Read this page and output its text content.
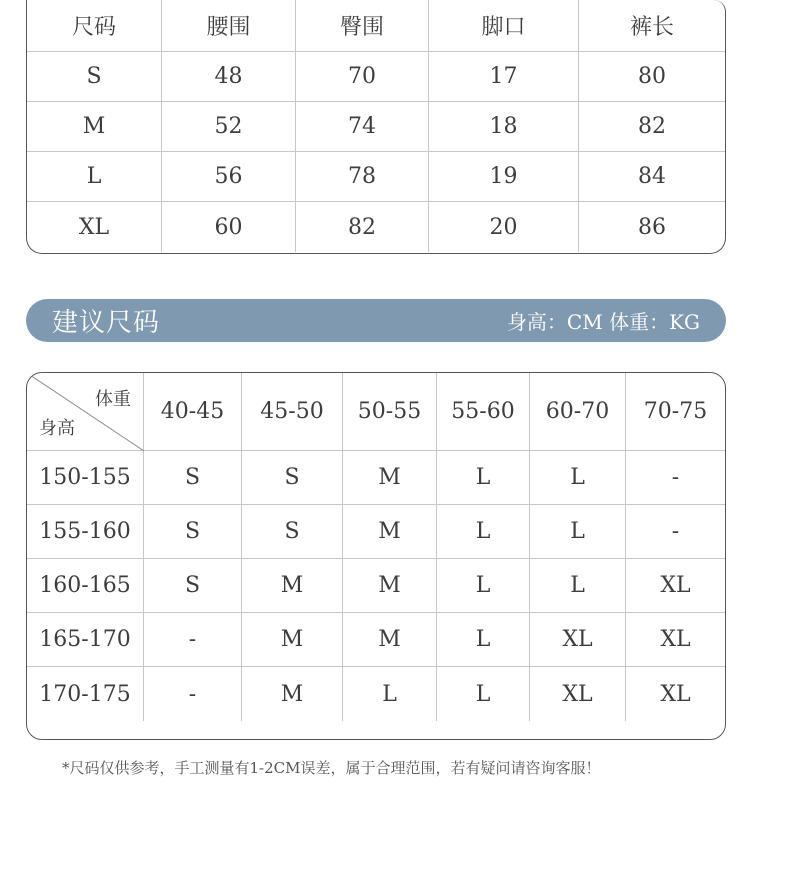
尺码	腰围	臀围	脚口	裤长
S	48	70	17	80
M	52	74	18	82
L	56	78	19	84
XL	60	82	20	86
建议尺码	身高：CM 体重：KG
体重
身高
40-45	45-50	50-55	55-60	60-70	70-75
150-155	S	S	M	L	L	-
155-160	S	S	M	L	L	-
160-165	S	M	M	L	L	XL
165-170	-	M	M	L	XL	XL
170-175	-	M	L	L	XL	XL
*尺码仅供参考，手工测量有1-2CM误差，属于合理范围，若有疑问请咨询客服！
